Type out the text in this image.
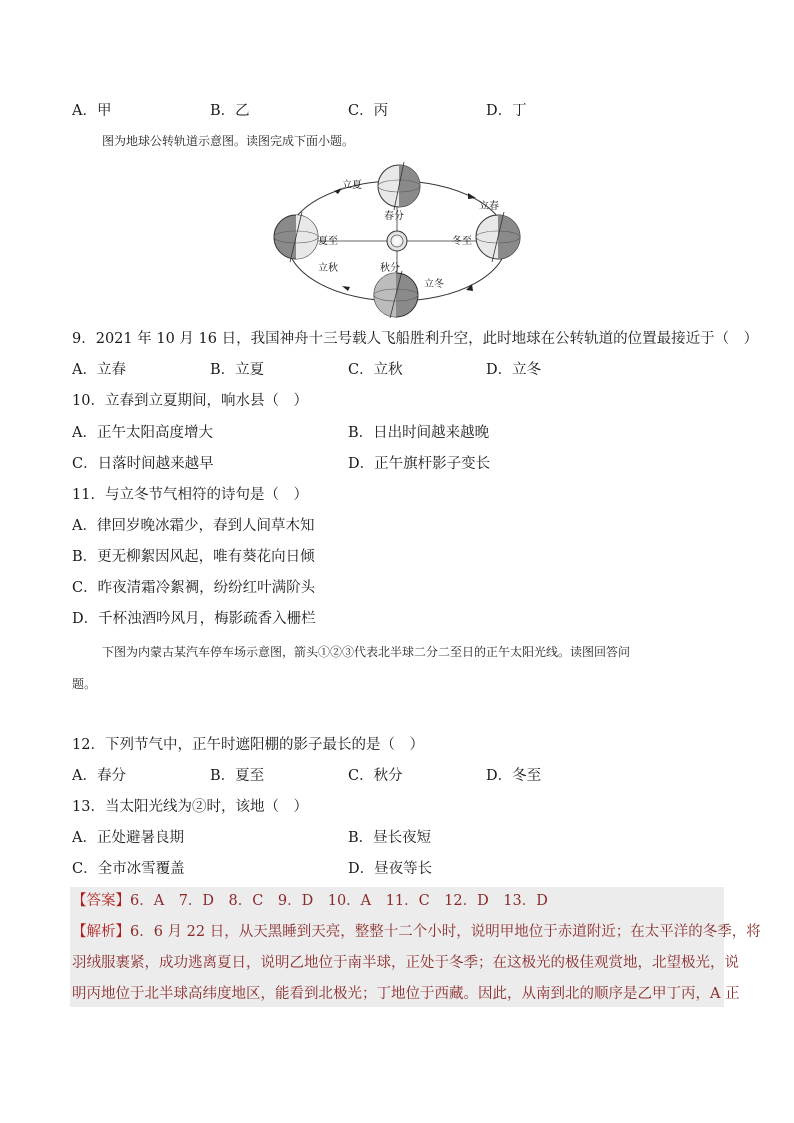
A．甲	B．乙	C．丙	D．丁
图为地球公转轨道示意图。读图完成下面小题。
立夏
春分
立春
夏至	冬至
立秋	秋分
立冬
9．2021 年 10 月 16 日，我国神舟十三号载人飞船胜利升空，此时地球在公转轨道的位置最接近于（　）
A．立春	B．立夏	C．立秋	D．立冬
10．立春到立夏期间，响水县（　）
A．正午太阳高度增大	B．日出时间越来越晚
C．日落时间越来越早	D．正午旗杆影子变长
11．与立冬节气相符的诗句是（　）
A．律回岁晚冰霜少，春到人间草木知
B．更无柳絮因风起，唯有葵花向日倾
C．昨夜清霜冷絮裯，纷纷红叶满阶头
D．千杯浊酒吟风月，梅影疏香入栅栏
下图为内蒙古某汽车停车场示意图，箭头①②③代表北半球二分二至日的正午太阳光线。读图回答问
题。
12．下列节气中，正午时遮阳棚的影子最长的是（　）
A．春分	B．夏至	C．秋分	D．冬至
13．当太阳光线为②时，该地（　）
A．正处避暑良期	B．昼长夜短
C．全市冰雪覆盖	D．昼夜等长
【答案】6．A　7．D　8．C　9．D　10．A　11．C　12．D　13．D
【解析】6．6 月 22 日，从天黑睡到天亮，整整十二个小时，说明甲地位于赤道附近；在太平洋的冬季，将
羽绒服裹紧，成功逃离夏日，说明乙地位于南半球，正处于冬季；在这极光的极佳观赏地，北望极光，说
明丙地位于北半球高纬度地区，能看到北极光；丁地位于西藏。因此，从南到北的顺序是乙甲丁丙，A 正
